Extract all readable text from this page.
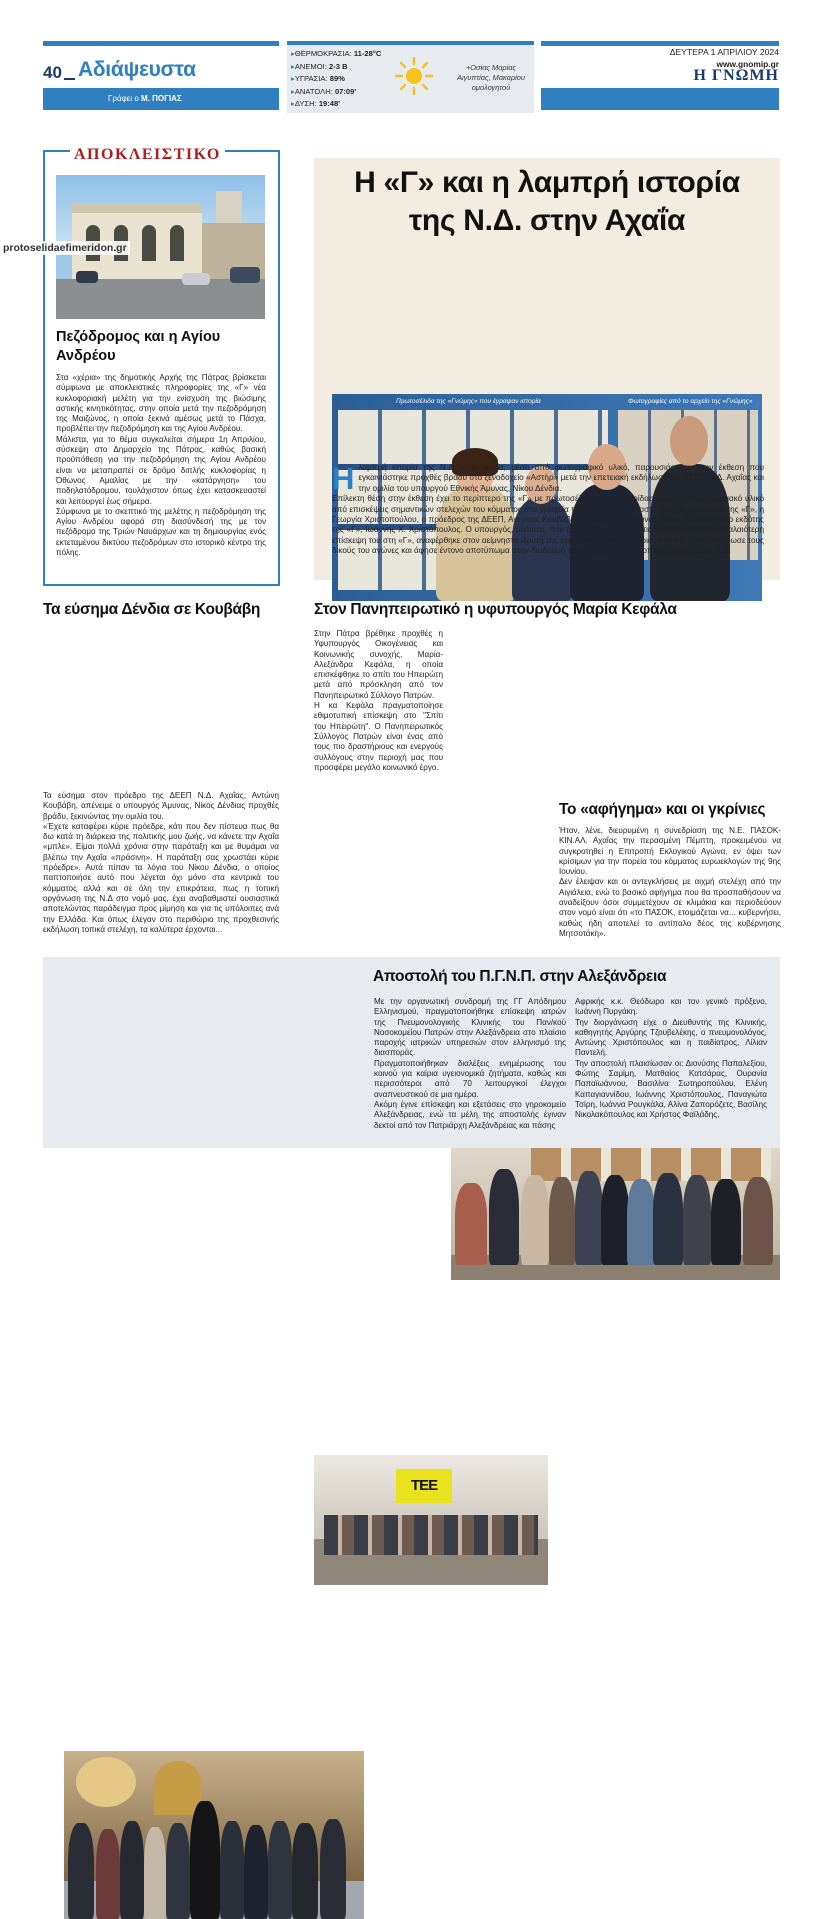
40 Αδιάψευστα
Γράφει ο Μ. ΠΟΓΙΑΣ
▸ΘΕΡΜΟΚΡΑΣΙΑ: 11-28°C
▸ΑΝΕΜΟΙ: 2-3 B
▸ΥΓΡΑΣΙΑ: 89%
▸ΑΝΑΤΟΛΗ: 07:09'
▸ΔΥΣΗ: 19:48'
+Οσίας Μαρίας Αιγυπτίας, Μακαρίου ομολογητού
ΔΕΥΤΕΡΑ 1 ΑΠΡΙΛΙΟΥ 2024
www.gnomip.gr
Η ΓΝΩΜΗ
ΑΠΟΚΛΕΙΣΤΙΚΟ
Πεζόδρομος και η Αγίου Ανδρέου

Στα «χέρια» της δημοτικής Αρχής της Πάτρας βρίσκεται σύμφωνα με αποκλειστικές πληροφορίες της «Γ» νέα κυκλοφοριακή μελέτη για την ενίσχυση της βιώσιμης αστικής κινητικότητας, στην οποία μετά την πεζοδρόμηση της Μαιζώνος, η οποία ξεκινά αμέσως μετά το Πάσχα, προβλέπει την πεζοδρόμηση και της Αγίου Ανδρέου.

Μάλιστα, για το θέμα συγκαλείται σήμερα 1η Απριλίου, σύσκεψη στο Δημαρχείο της Πάτρας, καθώς βασική προϋπόθεση για την πεζοδρόμηση της Αγίου Ανδρέου είναι να μεταπραπεί σε δρόμο διπλής κυκλοφορίας η Όθωνος Αμαλίας με την «κατάργηση» του ποδηλατόδρομου, τουλάχιστον όπως έχει κατασκευαστεί και λειτουργεί έως σήμερα.

Σύμφωνα με το σκεπτικό της μελέτης η πεζοδρόμηση της Αγίου Ανδρέου αφορά στη διασύνδεσή της με τον πεζόδρομο της Τριών Ναυάρχων και τη δημιουργίας ενός εκτεταμένου δικτύου πεζοδρόμων στο ιστορικό κέντρο της πόλης.

protoselidaefimeridon.gr
Η «Γ» και η λαμπρή ιστορία
της Ν.Δ. στην Αχαΐα
Πρωτοσέλιδα της «Γνώμης» που έγραψαν ιστορία	Φωτογραφίες από το αρχείο της «Γνώμης»
Η λαμπρή ιστορία της Ν.Δ. στην Αχαΐα, μέσα από φωτογραφικό υλικό, παρουσιάστηκε στην έκθεση που εγκαινιάστηκε προχθές βράδυ στο ξενοδοχείο «Αστήρ» μετά την επετειακή εκδήλωση της ΔΕΕΠ Ν.Δ. Αχαΐας και την ομιλία του υπουργού Εθνικής Άμυνας, Νίκου Δένδια.

Επίλεκτη θέση στην έκθεση έχει το περίπτερο της «Γ» με πρωτοσέλιδα της εφημερίδας αλλά και άλλο αρχειακό υλικό από επισκέψεις σημαντικών στελεχών του κόμματος στα γραφεία της. Στη φωτό μπροστά από το περίπτερο της «Γ», η Γεωργία Χριστοπούλου, ο πρόεδρος της ΔΕΕΠ, Αντώνης Κουβάβης, ο υπουργός Άμυνας, Νίκος Δένδιας και ο εκδότης της «Γ», Ιωάννης Χ. Χριστόπουλος. Ο υπουργός, μάλιστα, που βρίσκεται ανάμεσα στις φωτογραφίες από παλαιότερη επίσκεψη του στη «Γ», αναφέρθηκε στον αείμνηστο ιδρυτή της εφημερίδας, Χρήστο Χριστόπουλο, ο οποίος έδωσε τους δικούς του αγώνες και άφησε έντονο αποτύπωμα στην διαδρομή των 50 χρόνων της τοπικής και όχι μόνο Ν.Δ.

Τα εύσημα Δένδια σε Κουβάβη

Τα εύσημα στον πρόεδρο της ΔΕΕΠ Ν.Δ. Αχαΐας, Αντώνη Κουβάβη, απένειμε ο υπουργός Άμυνας, Νίκος Δένδιας προχθές βράδυ, ξεκινώντας την ομιλία του.

«Έχετε καταφέρει κύριε πρόεδρε, κάτι που δεν πίστευα πως θα δω κατά τη διάρκεια της πολιτικής μου ζωής, να κάνετε την Αχαΐα «μπλε». Είμαι πολλά χρόνια στην παράταξη και με θυμάμαι να βλέπω την Αχαΐα «πράσινη». Η παράταξη σας χρωστάει κύριε πρόεδρε». Αυτά πίπαν τα λόγια του Νίκου Δένδια, ο οποίος παπτοποιήσε αυτό που λέγεται όχι μόνο στα κεντρικά του κόμματος αλλά και σε όλη την επικράτεια, πως η τοπική οργάνωση της Ν.Δ στο νομό μας, έχει αναβαθμιστεί ουσιαστικά αποτελώντας παράδειγμα προς μίμηση και για τις υπόλοιπες ανά την Ελλάδα. Και όπως έλεγαν στο περιθώριο της προχθεσινής εκδήλωση τοπικά στελέχη, τα καλύτερα έρχονται...

Στον Πανηπειρωτικό η υφυπουργός Μαρία Κεφάλα

Στην Πάτρα βρέθηκε προχθές η Υφυπουργός Οικογένειας και Κοινωνικής συνοχής, Μαρία-Αλεξάνδρα Κεφάλα, η οποία επισκέφθηκε το σπίτι του Ηπειρώτη μετά από πρόσκληση από τον Πανηπειρωτικό Σύλλογο Πατρών.

Η κα Κεφάλα πραγματοποίησε εθιμοτυπική επίσκεψη στο "Σπίτι του Ηπειρώτη". Ο Πανηπειρωτικός Σύλλογος Πατρών είναι ένας από τους πιο δραστήριους και ενεργούς συλλόγους στην περιοχή μας που προσφέρει μεγάλο κοινωνικό έργο.

ΤΕΕ
Το «αφήγημα» και οι γκρίνιες

Ήταν, λένε, διευρυμένη η συνεδρίαση της Ν.Ε. ΠΑΣΟΚ-ΚΙΝ.ΑΛ. Αχαΐας την περασμένη Πέμπτη, προκειμένου να συγκροτηθεί η Επιτροπή Εκλογικού Αγώνα, εν όψει των κρίσιμων για την πορεία του κόμματος ευρωεκλογών της 9ης Ιουνίου.

Δεν έλειψαν και οι αντεγκλήσεις με αιχμή στελέχη από την Αιγιάλεια, ενώ το βασικό αφήγημα που θα προσπαθήσουν να αναδείξουν όσοι συμμετέχουν σε κλιμάκια και περιοδεύουν στον νομό είναι ότι «το ΠΑΣΟΚ, ετοιμάζεται να... κυβερνήσει, καθώς ήδη αποτελεί το αντίπαλο δέος της κυβέρνησης Μητσοτάκη».

Αποστολή του Π.Γ.Ν.Π. στην Αλεξάνδρεια

Με την οργανωτική συνδρομή της ΓΓ Απόδημου Ελληνισμού, πραγματοποιήθηκε επίσκεψη ιατρών της Πνευμονολογικής Κλινικής του Παν/κού Νοσοκομείου Πατρών στην Αλεξάνδρεια στο πλαίσιο παροχής ιατρικών υπηρεσιών στον ελληνισμό της διασποράς.

Πραγματοποιήθηκαν διαλέξεις ενημέρωσης του κοινού για καίρια υγειονομικά ζητήματα, καθώς και περισσότεροι από 70 λειτουργικοί έλεγχοι αναπνευστικού σε μια ημέρα.

Ακόμη έγινε επίσκεψη και εξετάσεις στο γηροκομείο Αλεξάνδρειας, ενώ τα μέλη της αποστολής έγιναν δεκτοί από τον Πατριάρχη Αλεξάνδρειας και πάσης

Αφρικής κ.κ. Θεόδωρο και τον γενικό πρόξενο, Ιωάννη Πυργάκη.

Την διοργάνωση είχε ο Διευθυντής της Κλινικής, καθηγητής Αργύρης Τζουβελέκης, ο πνευμονολόγος, Αντώνης Χριστόπουλος και η παιδίατρος, Λίλιαν Παντελή.

Την αποστολή πλαισίωσαν οι: Διονύσης Παπαλεξίου, Φώτης Σαμίμη, Ματθαίος Κατσάρας, Ουρανία Παπαϊωάννου, Βασιλίνα Σωτηροπούλου, Ελένη Καπαγιαννίδου, Ιωάννης Χριστόπουλος, Παναγιώτα Τσίρη, Ιωάννα Ρουγκάλα, Αλίνα Ζαπορόζετς, Βασίλης Νικολακόπουλος και Χρήστος Φαϊλάδης.
